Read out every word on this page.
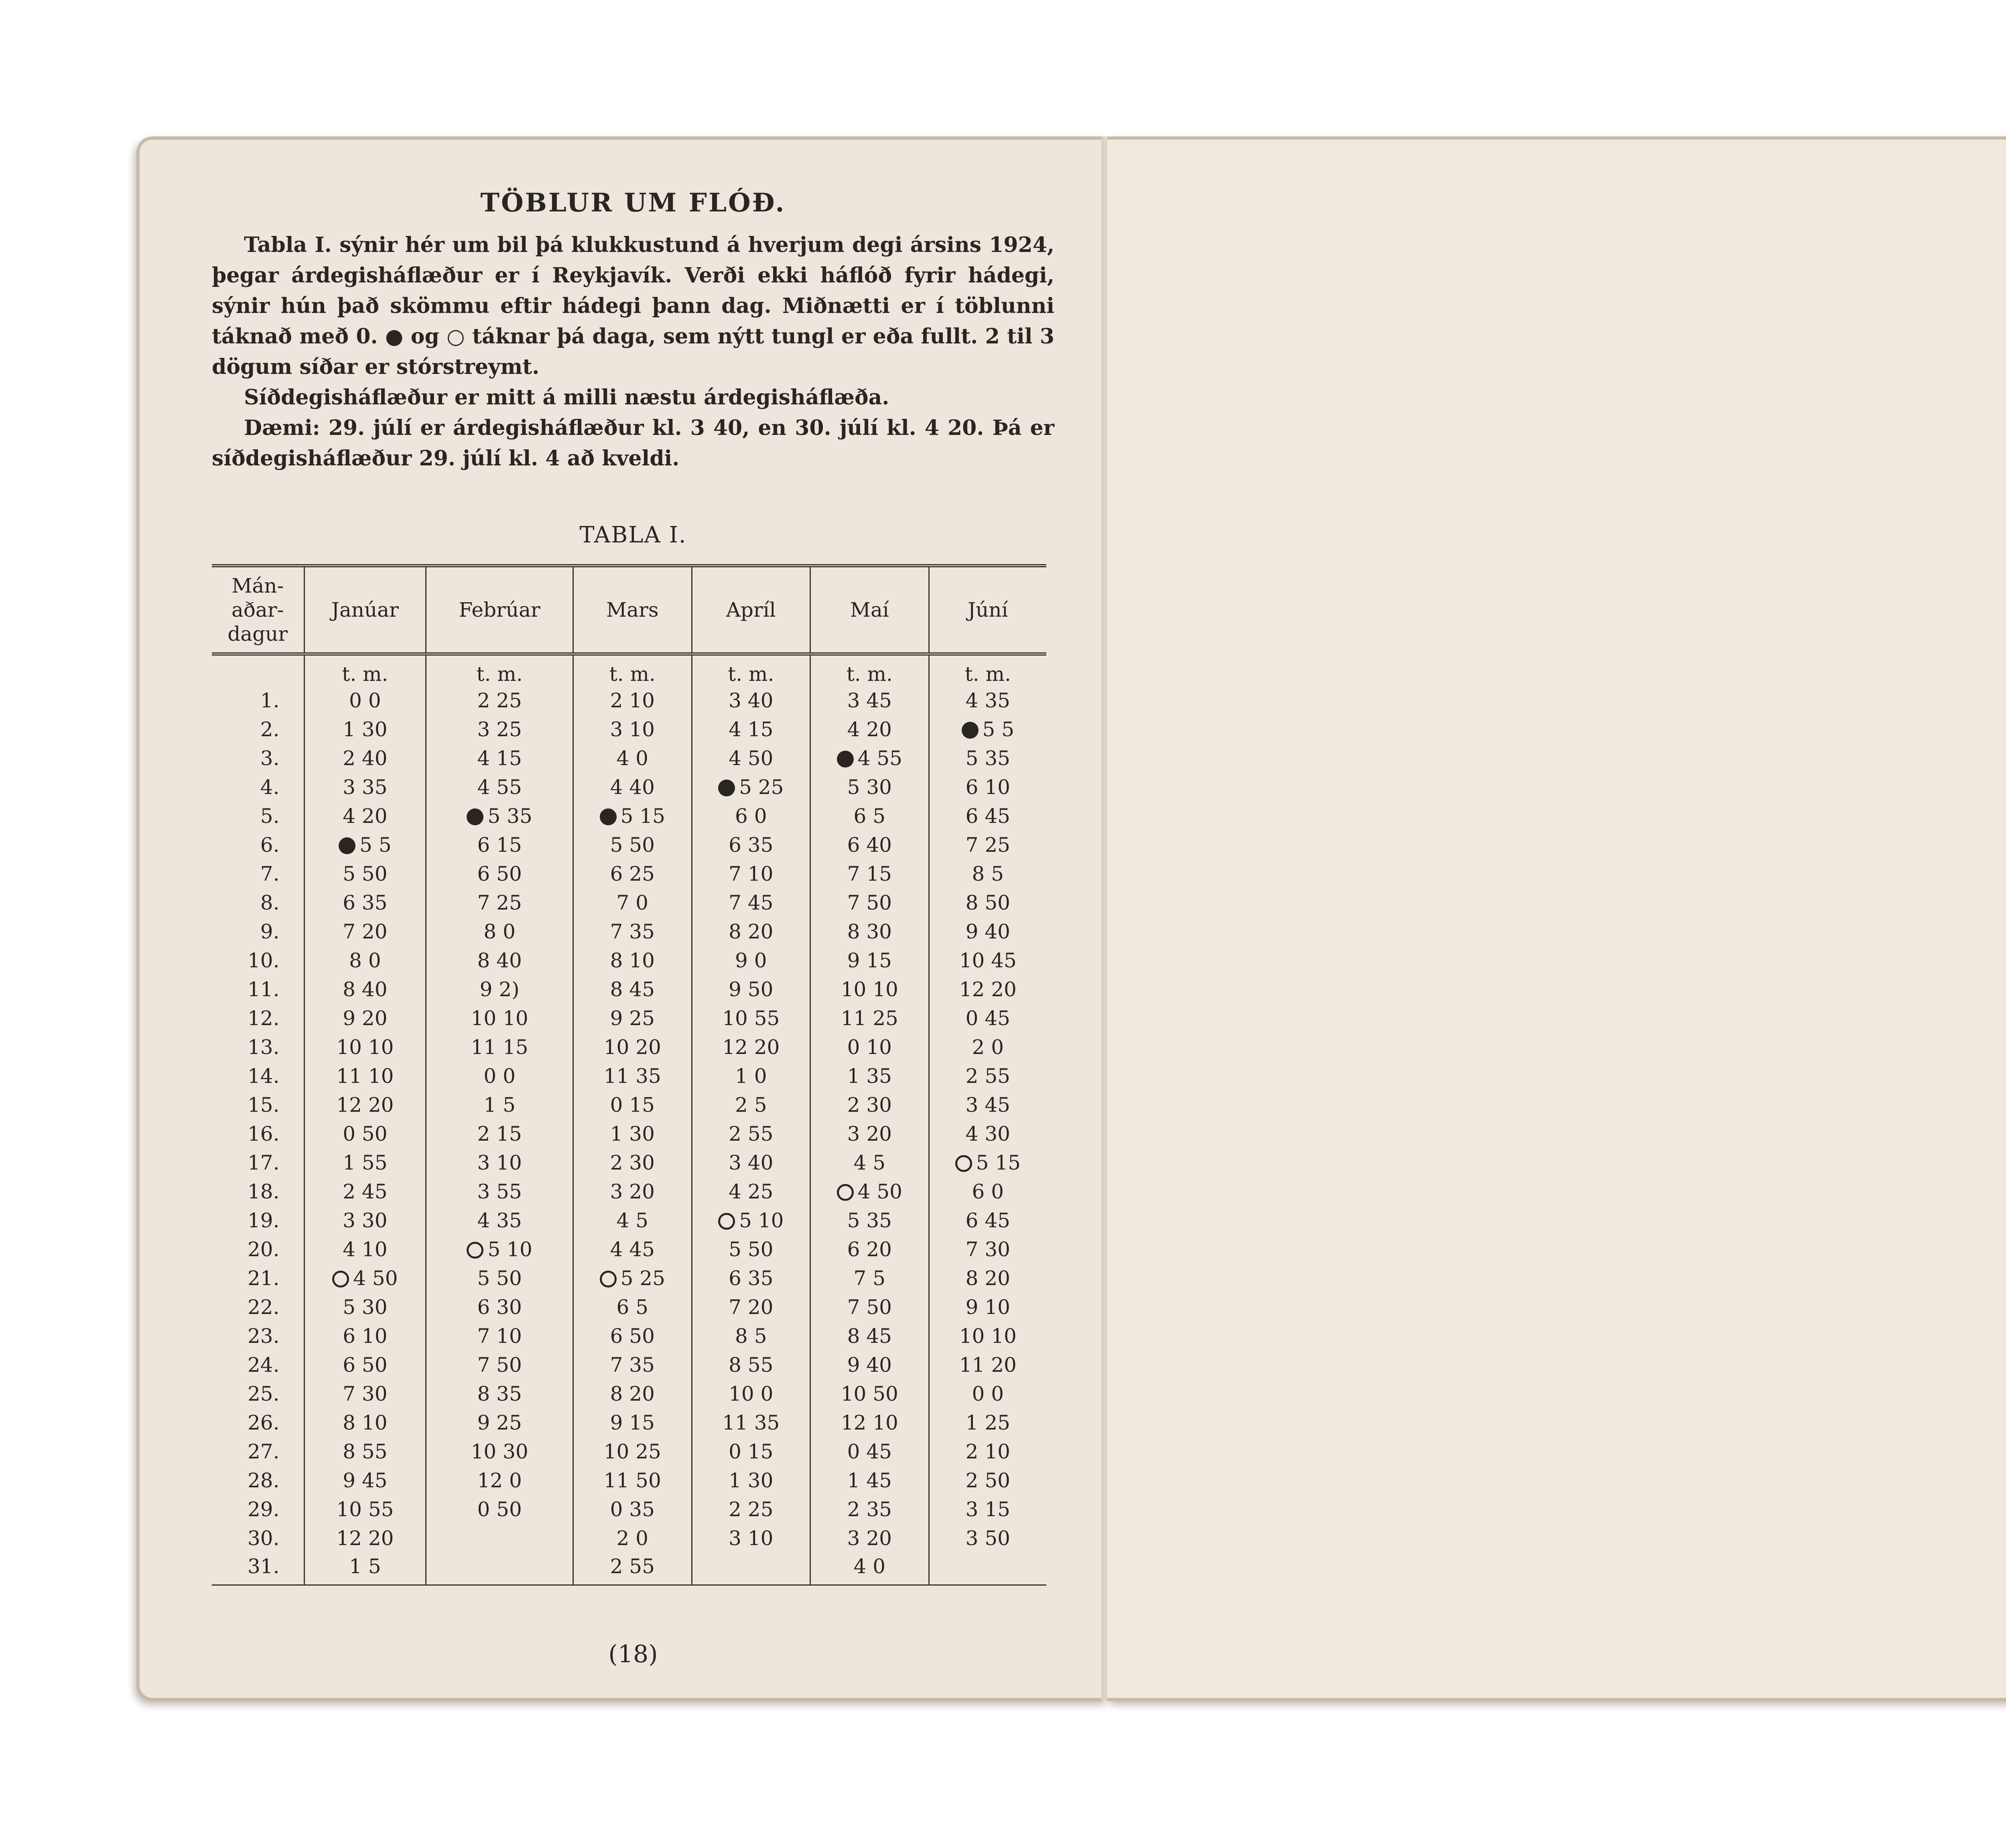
TÖBLUR UM FLÓÐ.

Tabla I. sýnir hér um bil þá klukkustund á hverjum degi ársins 1924, þegar árdegisháflæður er í Reykjavík. Verði ekki háflóð fyrir hádegi, sýnir hún það skömmu eftir hádegi þann dag. Miðnætti er í töblunni táknað með 0. ● og ○ táknar þá daga, sem nýtt tungl er eða fullt. 2 til 3 dögum síðar er stórstreymt.

Síðdegisháflæður er mitt á milli næstu árdegisháflæða.

Dæmi: 29. júlí er árdegisháflæður kl. 3 40, en 30. júlí kl. 4 20. Þá er síðdegisháflæður 29. júlí kl. 4 að kveldi.

TABLA I.
Mán-aðar-dagur	Janúar	Febrúar	Mars	Apríl	Maí	Júní
	t. m.	t. m.	t. m.	t. m.	t. m.	t. m.
1.	0 0	2 25	2 10	3 40	3 45	4 35
2.	1 30	3 25	3 10	4 15	4 20	5 5
3.	2 40	4 15	4 0	4 50	4 55	5 35
4.	3 35	4 55	4 40	5 25	5 30	6 10
5.	4 20	5 35	5 15	6 0	6 5	6 45
6.	5 5	6 15	5 50	6 35	6 40	7 25
7.	5 50	6 50	6 25	7 10	7 15	8 5
8.	6 35	7 25	7 0	7 45	7 50	8 50
9.	7 20	8 0	7 35	8 20	8 30	9 40
10.	8 0	8 40	8 10	9 0	9 15	10 45
11.	8 40	9 2)	8 45	9 50	10 10	12 20
12.	9 20	10 10	9 25	10 55	11 25	0 45
13.	10 10	11 15	10 20	12 20	0 10	2 0
14.	11 10	0 0	11 35	1 0	1 35	2 55
15.	12 20	1 5	0 15	2 5	2 30	3 45
16.	0 50	2 15	1 30	2 55	3 20	4 30
17.	1 55	3 10	2 30	3 40	4 5	5 15
18.	2 45	3 55	3 20	4 25	4 50	6 0
19.	3 30	4 35	4 5	5 10	5 35	6 45
20.	4 10	5 10	4 45	5 50	6 20	7 30
21.	4 50	5 50	5 25	6 35	7 5	8 20
22.	5 30	6 30	6 5	7 20	7 50	9 10
23.	6 10	7 10	6 50	8 5	8 45	10 10
24.	6 50	7 50	7 35	8 55	9 40	11 20
25.	7 30	8 35	8 20	10 0	10 50	0 0
26.	8 10	9 25	9 15	11 35	12 10	1 25
27.	8 55	10 30	10 25	0 15	0 45	2 10
28.	9 45	12 0	11 50	1 30	1 45	2 50
29.	10 55	0 50	0 35	2 25	2 35	3 15
30.	12 20		2 0	3 10	3 20	3 50
31.	1 5		2 55		4 0	
(18)
